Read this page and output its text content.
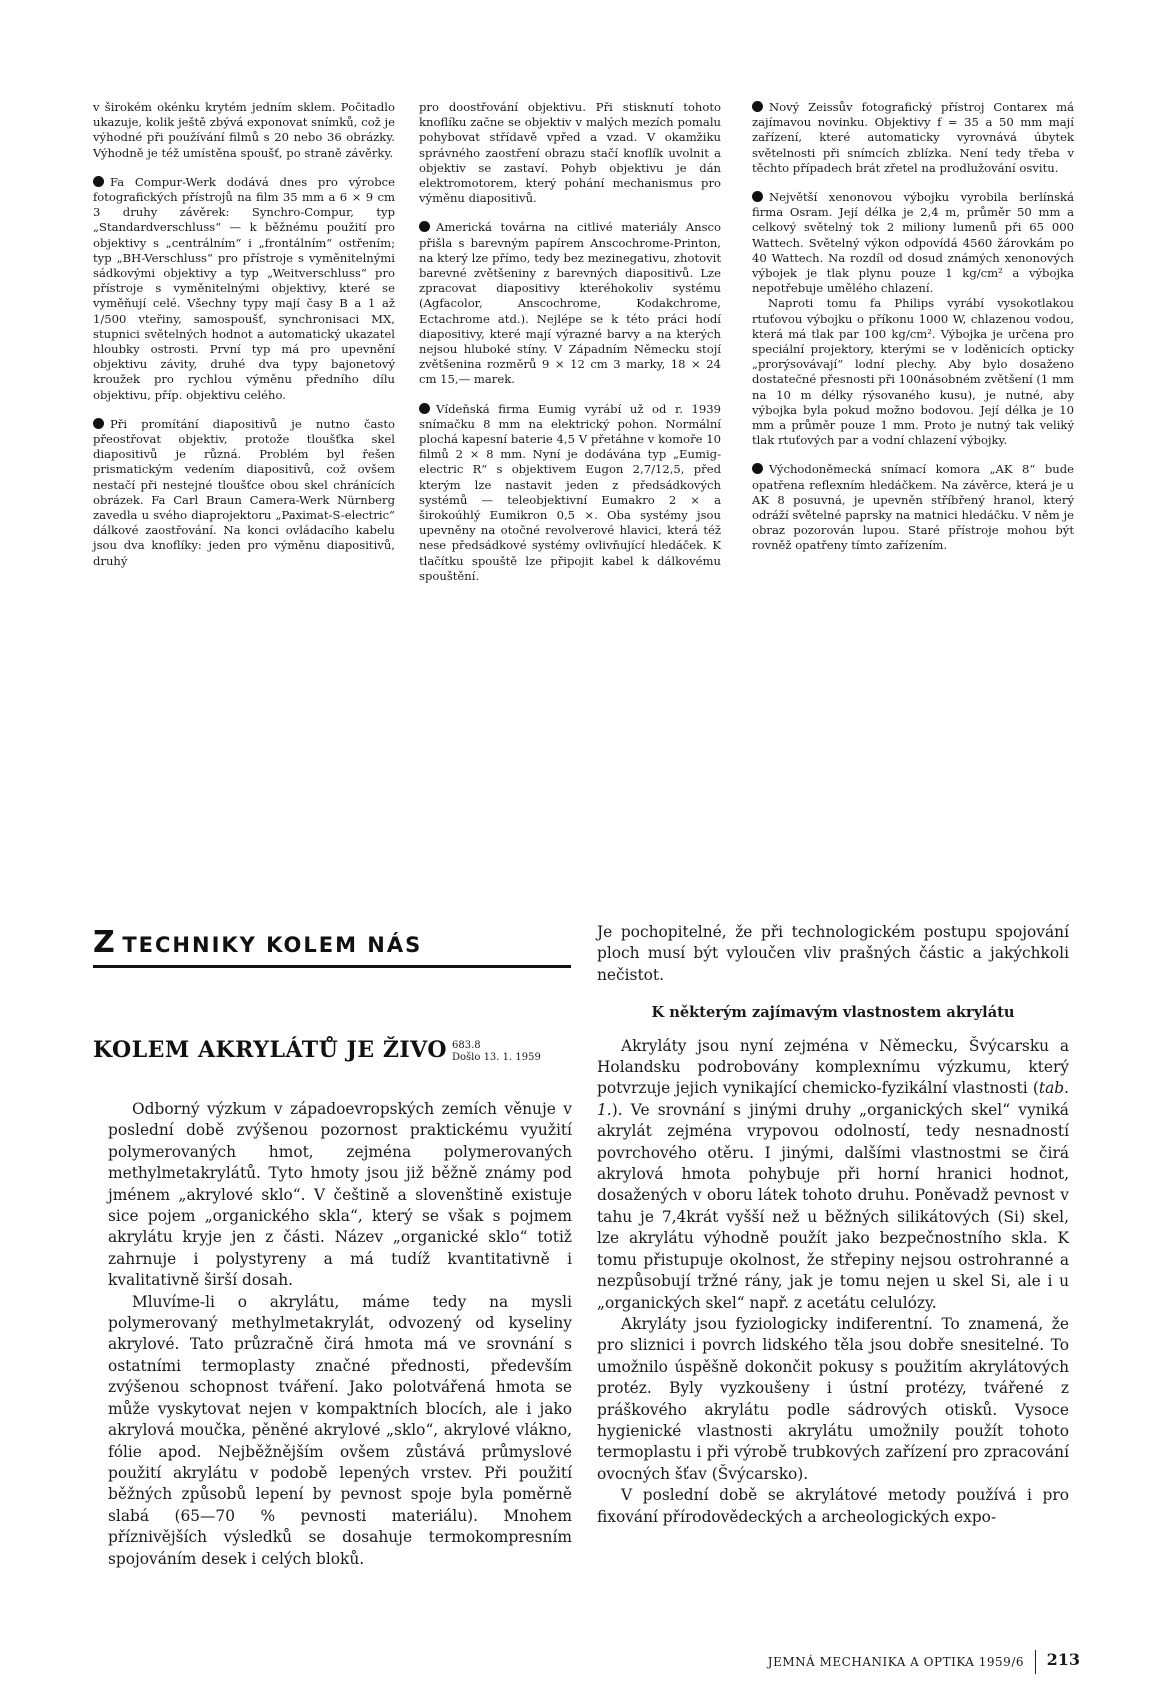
v širokém okénku krytém jedním sklem. Počitadlo ukazuje, kolik ještě zbývá exponovat snímků, což je výhodné při používání filmů s 20 nebo 36 obrázky. Výhodně je též umístěna spoušť, po straně závěrky.

Fa Compur-Werk dodává dnes pro výrobce fotografických přístrojů na film 35 mm a 6 × 9 cm 3 druhy závěrek: Synchro-Compur, typ „Standardverschluss“ — k běžnému použití pro objektivy s „centrálním“ i „frontálním“ ostřením; typ „BH-Verschluss“ pro přístroje s vyměnitelnými sádkovými objektivy a typ „Weitverschluss“ pro přístroje s vyměnitelnými objektivy, které se vyměňují celé. Všechny typy mají časy B a 1 až 1/500 vteřiny, samospoušť, synchronisaci MX, stupnici světelných hodnot a automatický ukazatel hloubky ostrosti. První typ má pro upevnění objektivu závity, druhé dva typy bajonetový kroužek pro rychlou výměnu předního dílu objektivu, příp. objektivu celého.

Při promítání diapositivů je nutno často přeostřovat objektiv, protože tloušťka skel diapositivů je různá. Problém byl řešen prismatickým vedením diapositivů, což ovšem nestačí při nestejné tloušťce obou skel chránících obrázek. Fa Carl Braun Camera-Werk Nürnberg zavedla u svého diaprojektoru „Paximat-S-electric“ dálkové zaostřování. Na konci ovládacího kabelu jsou dva knoflíky: jeden pro výměnu diapositivů, druhý

pro doostřování objektivu. Při stisknutí tohoto knoflíku začne se objektiv v malých mezích pomalu pohybovat střídavě vpřed a vzad. V okamžiku správného zaostření obrazu stačí knoflík uvolnit a objektiv se zastaví. Pohyb objektivu je dán elektromotorem, který pohání mechanismus pro výměnu diapositivů.

Americká továrna na citlivé materiály Ansco přišla s barevným papírem Anscochrome-Printon, na který lze přímo, tedy bez mezinegativu, zhotovit barevné zvětšeniny z barevných diapositivů. Lze zpracovat diapositivy kteréhokoliv systému (Agfacolor, Anscochrome, Kodakchrome, Ectachrome atd.). Nejlépe se k této práci hodí diapositivy, které mají výrazné barvy a na kterých nejsou hluboké stíny. V Západním Německu stojí zvětšenina rozměrů 9 × 12 cm 3 marky, 18 × 24 cm 15,— marek.

Vídeňská firma Eumig vyrábí už od r. 1939 snímačku 8 mm na elektrický pohon. Normální plochá kapesní baterie 4,5 V přetáhne v komoře 10 filmů 2 × 8 mm. Nyní je dodávána typ „Eumig-electric R“ s objektivem Eugon 2,7/12,5, před kterým lze nastavit jeden z předsádkových systémů — teleobjektivní Eumakro 2 × a širokoúhlý Eumikron 0,5 ×. Oba systémy jsou upevněny na otočné revolverové hlavici, která též nese předsádkové systémy ovlivňující hledáček. K tlačítku spouště lze připojit kabel k dálkovému spouštění.

Nový Zeissův fotografický přístroj Contarex má zajímavou novinku. Objektivy f = 35 a 50 mm mají zařízení, které automaticky vyrovnává úbytek světelnosti při snímcích zblízka. Není tedy třeba v těchto případech brát zřetel na prodlužování osvitu.

Největší xenonovou výbojku vyrobila berlínská firma Osram. Její délka je 2,4 m, průměr 50 mm a celkový světelný tok 2 miliony lumenů při 65 000 Wattech. Světelný výkon odpovídá 4560 žárovkám po 40 Wattech. Na rozdíl od dosud známých xenonových výbojek je tlak plynu pouze 1 kg/cm² a výbojka nepotřebuje umělého chlazení.

Naproti tomu fa Philips vyrábí vysokotlakou rtuťovou výbojku o příkonu 1000 W, chlazenou vodou, která má tlak par 100 kg/cm². Výbojka je určena pro speciální projektory, kterými se v loděnicích opticky „prorýsovávají“ lodní plechy. Aby bylo dosaženo dostatečné přesnosti při 100násobném zvětšení (1 mm na 10 m délky rýsovaného kusu), je nutné, aby výbojka byla pokud možno bodovou. Její délka je 10 mm a průměr pouze 1 mm. Proto je nutný tak veliký tlak rtuťových par a vodní chlazení výbojky.

Východoněmecká snímací komora „AK 8“ bude opatřena reflexním hledáčkem. Na závěrce, která je u AK 8 posuvná, je upevněn stříbřený hranol, který odráží světelné paprsky na matnici hledáčku. V něm je obraz pozorován lupou. Staré přístroje mohou být rovněž opatřeny tímto zařízením.

Z TECHNIKY KOLEM NÁS
KOLEM AKRYLÁTŮ JE ŽIVO 683.8
Došlo 13. 1. 1959

Odborný výzkum v západoevropských zemích věnuje v poslední době zvýšenou pozornost praktickému využití polymerovaných hmot, zejména polymerovaných methylmetakrylátů. Tyto hmoty jsou již běžně známy pod jménem „akrylové sklo“. V češtině a slovenštině existuje sice pojem „organického skla“, který se však s pojmem akrylátu kryje jen z části. Název „organické sklo“ totiž zahrnuje i polystyreny a má tudíž kvantitativně i kvalitativně širší dosah.

Mluvíme-li o akrylátu, máme tedy na mysli polymerovaný methylmetakrylát, odvozený od kyseliny akrylové. Tato průzračně čirá hmota má ve srovnání s ostatními termoplasty značné přednosti, především zvýšenou schopnost tváření. Jako polotvářená hmota se může vyskytovat nejen v kompaktních blocích, ale i jako akrylová moučka, pěněné akrylové „sklo“, akrylové vlákno, fólie apod. Nejběžnějším ovšem zůstává průmyslové použití akrylátu v podobě lepených vrstev. Při použití běžných způsobů lepení by pevnost spoje byla poměrně slabá (65—70 % pevnosti materiálu). Mnohem příznivějších výsledků se dosahuje termokompresním spojováním desek i celých bloků.

Je pochopitelné, že při technologickém postupu spojování ploch musí být vyloučen vliv prašných částic a jakýchkoli nečistot.

K některým zajímavým vlastnostem akrylátu

Akryláty jsou nyní zejména v Německu, Švýcarsku a Holandsku podrobovány komplexnímu výzkumu, který potvrzuje jejich vynikající chemicko-fyzikální vlastnosti (tab. 1.). Ve srovnání s jinými druhy „organických skel“ vyniká akrylát zejména vrypovou odolností, tedy nesnadností povrchového otěru. I jinými, dalšími vlastnostmi se čirá akrylová hmota pohybuje při horní hranici hodnot, dosažených v oboru látek tohoto druhu. Poněvadž pevnost v tahu je 7,4krát vyšší než u běžných silikátových (Si) skel, lze akrylátu výhodně použít jako bezpečnostního skla. K tomu přistupuje okolnost, že střepiny nejsou ostrohranné a nezpůsobují tržné rány, jak je tomu nejen u skel Si, ale i u „organických skel“ např. z acetátu celulózy.

Akryláty jsou fyziologicky indiferentní. To znamená, že pro sliznici i povrch lidského těla jsou dobře snesitelné. To umožnilo úspěšně dokončit pokusy s použitím akrylátových protéz. Byly vyzkoušeny i ústní protézy, tvářené z práškového akrylátu podle sádrových otisků. Vysoce hygienické vlastnosti akrylátu umožnily použít tohoto termoplastu i při výrobě trubkových zařízení pro zpracování ovocných šťav (Švýcarsko).

V poslední době se akrylátové metody používá i pro fixování přírodovědeckých a archeologických expo-

JEMNÁ MECHANIKA A OPTIKA 1959/6 213
